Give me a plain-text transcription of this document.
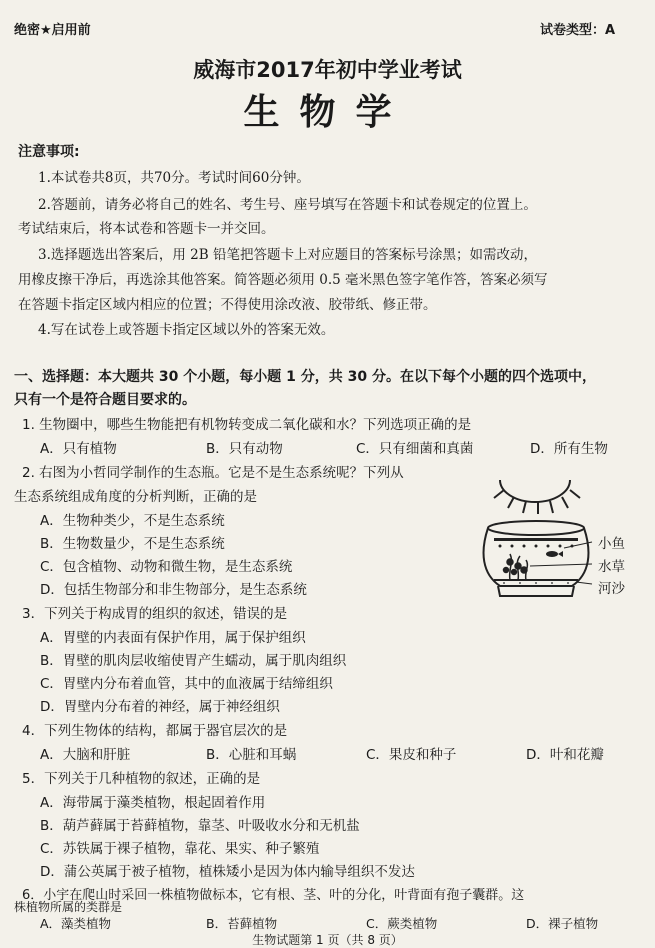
绝密★启用前	试卷类型：A
威海市2017年初中学业考试
生物学
注意事项:
1.本试卷共8页，共70分。考试时间60分钟。
2.答题前，请务必将自己的姓名、考生号、座号填写在答题卡和试卷规定的位置上。
考试结束后，将本试卷和答题卡一并交回。
3.选择题选出答案后，用 2B 铅笔把答题卡上对应题目的答案标号涂黑；如需改动，
用橡皮擦干净后，再选涂其他答案。简答题必须用 0.5 毫米黑色签字笔作答，答案必须写
在答题卡指定区域内相应的位置；不得使用涂改液、胶带纸、修正带。
4.写在试卷上或答题卡指定区域以外的答案无效。
一、选择题：本大题共 30 个小题，每小题 1 分，共 30 分。在以下每个小题的四个选项中，
只有一个是符合题目要求的。
1. 生物圈中，哪些生物能把有机物转变成二氧化碳和水？下列选项正确的是
A．只有植物	B．只有动物	C．只有细菌和真菌	D．所有生物
2. 右图为小哲同学制作的生态瓶。它是不是生态系统呢？下列从
生态系统组成角度的分析判断，正确的是
A．生物种类少，不是生态系统
B．生物数量少，不是生态系统
C．包含植物、动物和微生物，是生态系统
D．包括生物部分和非生物部分，是生态系统
小鱼
水草
河沙
3．下列关于构成胃的组织的叙述，错误的是
A．胃壁的内表面有保护作用，属于保护组织
B．胃壁的肌肉层收缩使胃产生蠕动，属于肌肉组织
C．胃壁内分布着血管，其中的血液属于结缔组织
D．胃壁内分布着的神经，属于神经组织
4．下列生物体的结构，都属于器官层次的是
A．大脑和肝脏	B．心脏和耳蜗	C．果皮和种子	D．叶和花瓣
5．下列关于几种植物的叙述，正确的是
A．海带属于藻类植物，根起固着作用
B．葫芦藓属于苔藓植物，靠茎、叶吸收水分和无机盐
C．苏铁属于裸子植物，靠花、果实、种子繁殖
D．蒲公英属于被子植物，植株矮小是因为体内输导组织不发达
6．小宇在爬山时采回一株植物做标本，它有根、茎、叶的分化，叶背面有孢子囊群。这
株植物所属的类群是
A．藻类植物	B．苔藓植物	C．蕨类植物	D．裸子植物
生物试题第 1 页（共 8 页）
